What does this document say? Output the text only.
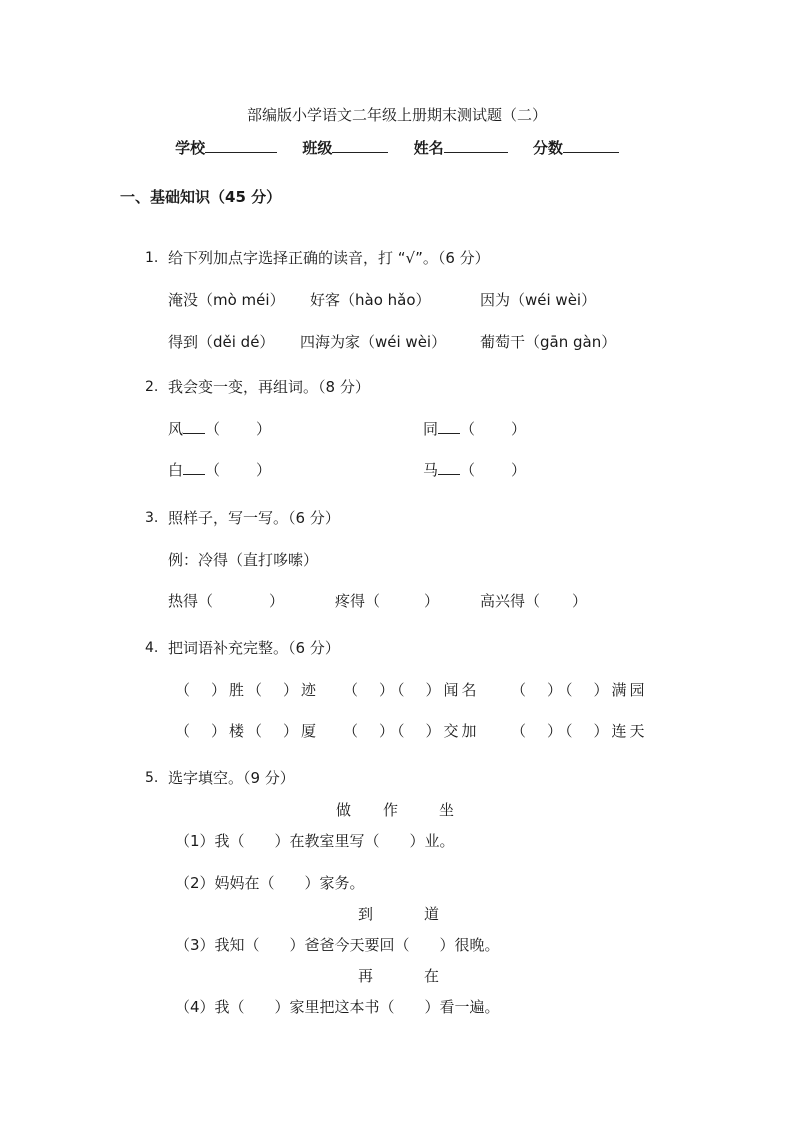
部编版小学语文二年级上册期末测试题（二）
学校	班级	姓名	分数
一、基础知识（45 分）
1. 给下列加点字选择正确的读音，打 “√”。（6 分）
淹没（mò méi） 好客（hào hǎo）	因为（wéi wèi）
得到（děi dé） 四海为家（wéi wèi） 葡萄干（gān gàn）
2. 我会变一变，再组词。（8 分）
风 （ ）	同 （ ）
白 （ ）	马 （ ）
3. 照样子，写一写。（6 分）
例：冷得（直打哆嗦）
热得（	）	疼得（	）	高兴得（ ）
4. 把词语补充完整。（6 分）
（　）胜（　）迹 （　）（　）闻名 （　）（　）满园
（　）楼（　）厦 （　）（　）交加 （　）（　）连天
5. 选字填空。（9 分）
做 作	坐
（1）我（　　）在教室里写（　　）业。
（2）妈妈在（　　）家务。
到	道
（3）我知（　　）爸爸今天要回（　　）很晚。
再	在
（4）我（　　）家里把这本书（　　）看一遍。
